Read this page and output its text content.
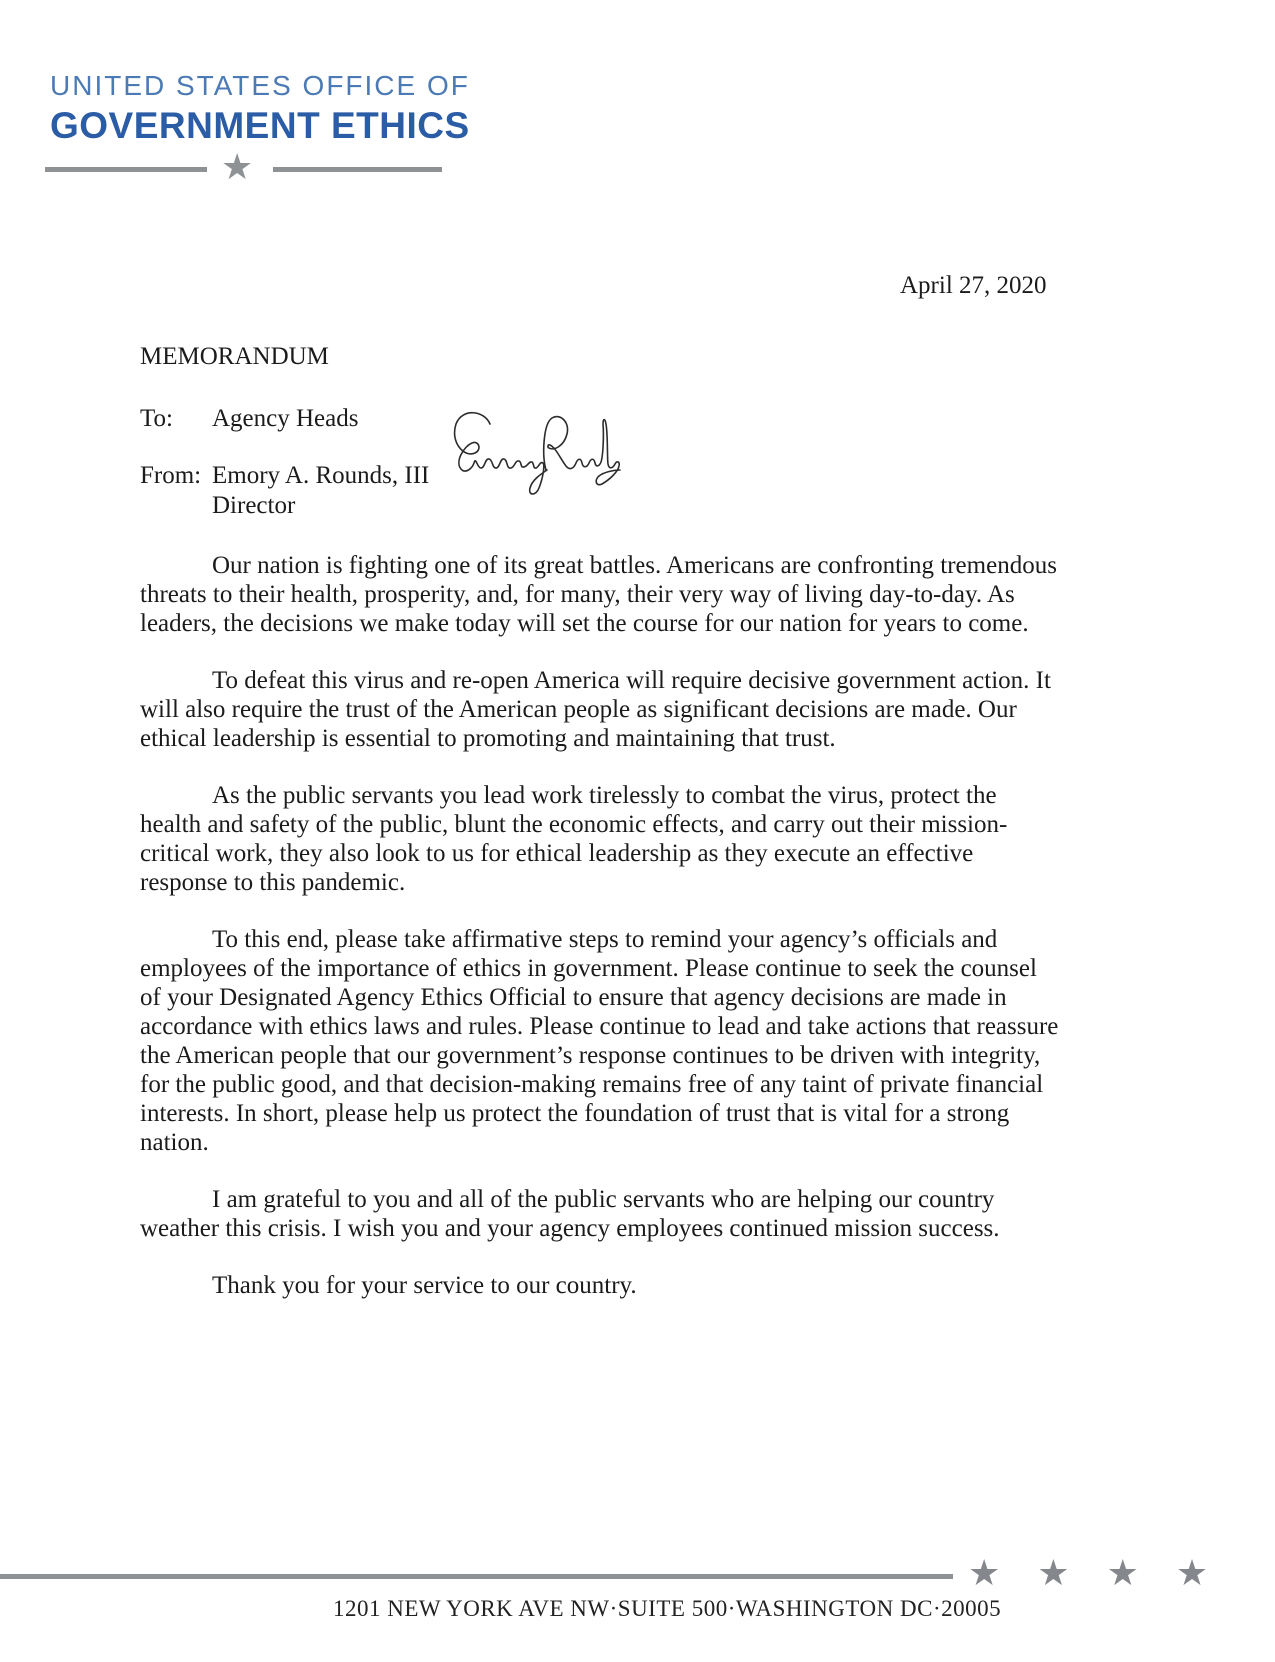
UNITED STATES OFFICE OF
GOVERNMENT ETHICS
★
April 27, 2020
MEMORANDUM
To: Agency Heads
From: Emory A. Rounds, III
Director

Our nation is fighting one of its great battles. Americans are confronting tremendous threats to their health, prosperity, and, for many, their very way of living day-to-day. As leaders, the decisions we make today will set the course for our nation for years to come.

To defeat this virus and re-open America will require decisive government action. It will also require the trust of the American people as significant decisions are made. Our ethical leadership is essential to promoting and maintaining that trust.

As the public servants you lead work tirelessly to combat the virus, protect the health and safety of the public, blunt the economic effects, and carry out their mission-critical work, they also look to us for ethical leadership as they execute an effective response to this pandemic.

To this end, please take affirmative steps to remind your agency’s officials and employees of the importance of ethics in government. Please continue to seek the counsel of your Designated Agency Ethics Official to ensure that agency decisions are made in accordance with ethics laws and rules. Please continue to lead and take actions that reassure the American people that our government’s response continues to be driven with integrity, for the public good, and that decision-making remains free of any taint of private financial interests. In short, please help us protect the foundation of trust that is vital for a strong nation.

I am grateful to you and all of the public servants who are helping our country weather this crisis. I wish you and your agency employees continued mission success.

Thank you for your service to our country.

★ ★ ★ ★
1201 NEW YORK AVE NW·SUITE 500·WASHINGTON DC·20005
